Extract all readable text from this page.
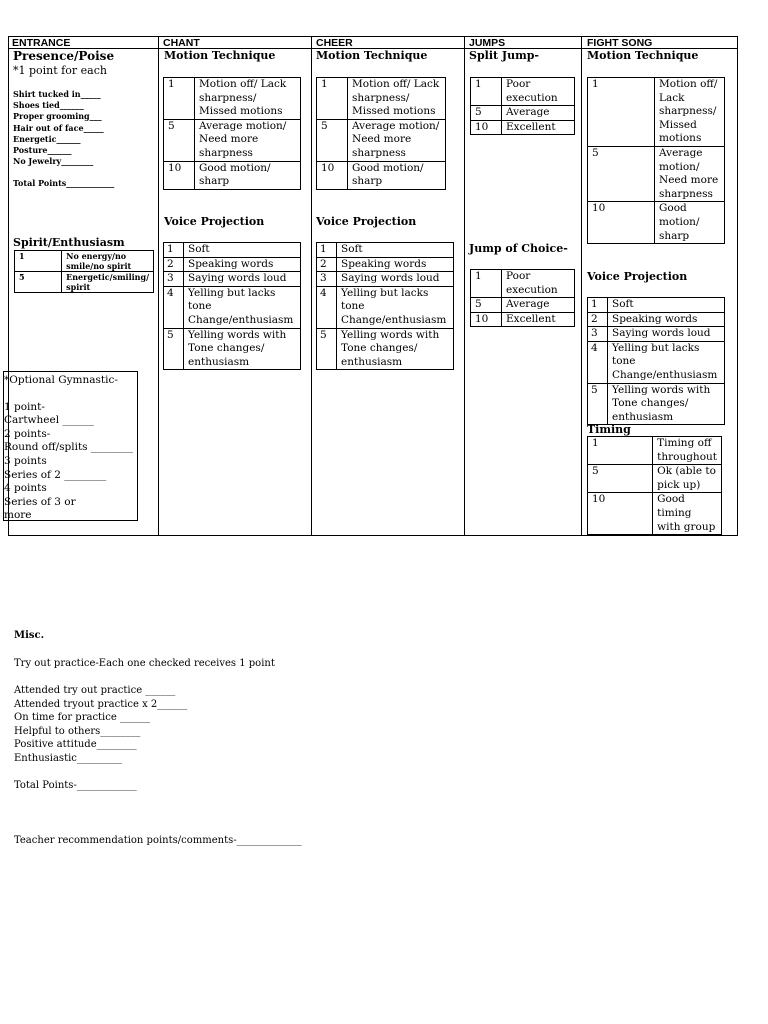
ENTRANCE	CHANT	CHEER	JUMPS	FIGHT SONG
Presence/Poise
*1 point for each
Shirt tucked in_____
Shoes tied______
Proper grooming___
Hair out of face_____
Energetic______
Posture______
No Jewelry________
Total Points____________
Spirit/Enthusiasm
1	No energy/no smile/no spirit
5	Energetic/smiling/ spirit
*Optional Gymnastic-
1 point-
Cartwheel ______
2 points-
Round off/splits ________
3 points
Series of 2 ________
4 points
Series of 3 or more______
Motion Technique
1	Motion off/ Lack sharpness/ Missed motions
5	Average motion/ Need more sharpness
10	Good motion/ sharp
Voice Projection
1	Soft
2	Speaking words
3	Saying words loud
4	Yelling but lacks tone Change/enthusiasm
5	Yelling words with Tone changes/ enthusiasm
Motion Technique
1	Motion off/ Lack sharpness/ Missed motions
5	Average motion/ Need more sharpness
10	Good motion/ sharp
Voice Projection
1	Soft
2	Speaking words
3	Saying words loud
4	Yelling but lacks tone Change/enthusiasm
5	Yelling words with Tone changes/ enthusiasm
Split Jump-
1	Poor execution
5	Average
10	Excellent
Jump of Choice-
1	Poor execution
5	Average
10	Excellent
Motion Technique
1	Motion off/ Lack sharpness/ Missed motions
5	Average motion/ Need more sharpness
10	Good motion/ sharp
Voice Projection
1	Soft
2	Speaking words
3	Saying words loud
4	Yelling but lacks tone Change/enthusiasm
5	Yelling words with Tone changes/ enthusiasm
Timing
1	Timing off throughout
5	Ok (able to pick up)
10	Good timing with group
Misc.
Try out practice-Each one checked receives 1 point
Attended try out practice ______
Attended tryout practice x 2______
On time for practice ______
Helpful to others________
Positive attitude________
Enthusiastic_________
Total Points-____________
Teacher recommendation points/comments-_____________
